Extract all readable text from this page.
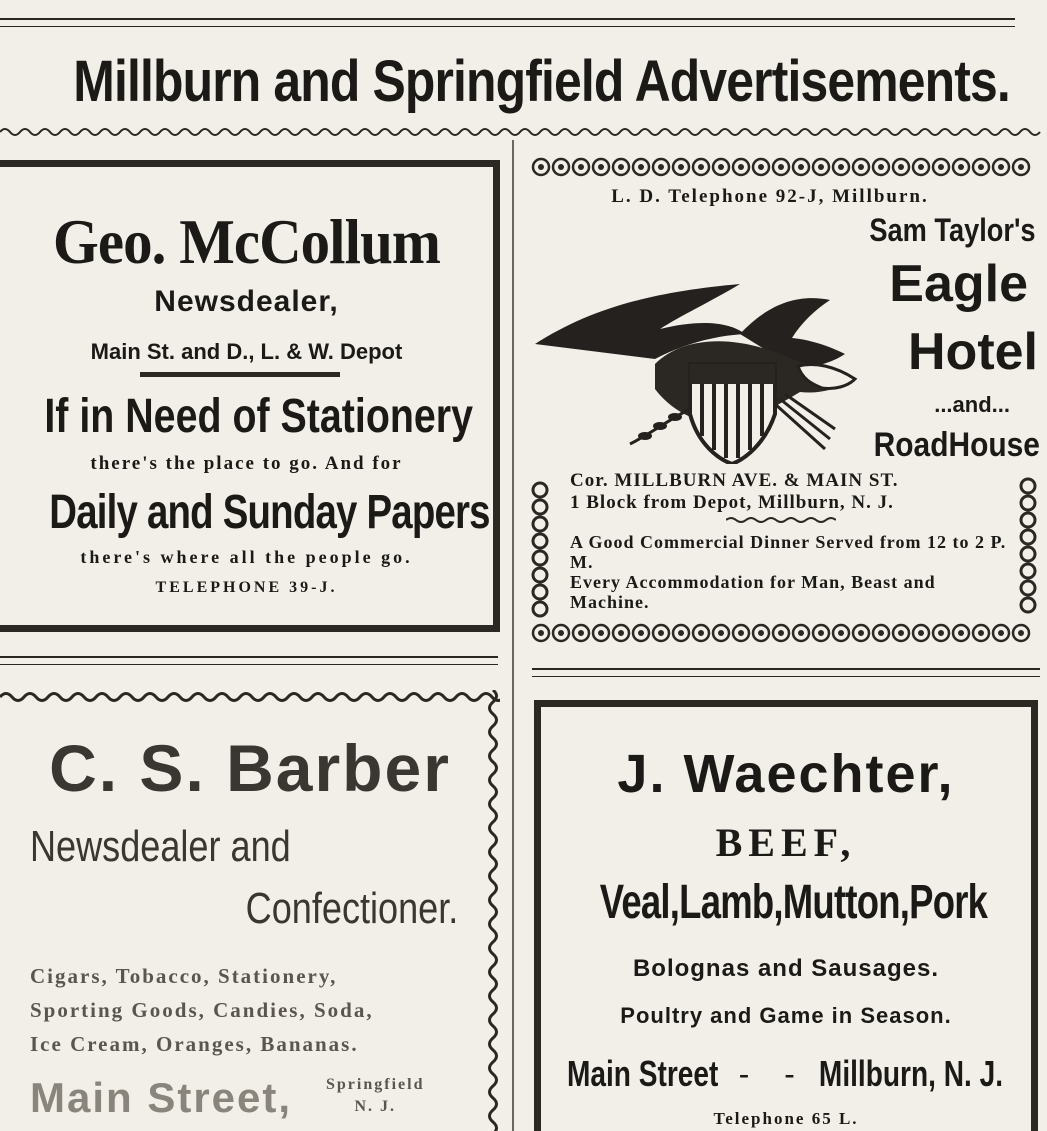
Millburn and Springfield Advertisements.
Geo. McCollum
Newsdealer,
Main St. and D., L. & W. Depot
If in Need of Stationery
there's the place to go. And for
Daily and Sunday Papers
there's where all the people go.
TELEPHONE 39-J.
L. D. Telephone 92-J, Millburn.
Sam Taylor's
Eagle
Hotel
...and...
RoadHouse
Cor. MILLBURN AVE. & MAIN ST.
1 Block from Depot, Millburn, N. J.
A Good Commercial Dinner Served from 12 to 2 P. M.
Every Accommodation for Man, Beast and Machine.
C. S. Barber
Newsdealer and
Confectioner.
Cigars, Tobacco, Stationery,
Sporting Goods, Candies, Soda,
Ice Cream, Oranges, Bananas.
Main Street, Springfield
N. J.
J. Waechter,
BEEF,
Veal,Lamb,Mutton,Pork
Bolognas and Sausages.
Poultry and Game in Season.
Main Street - - Millburn, N. J.
Telephone 65 L.
